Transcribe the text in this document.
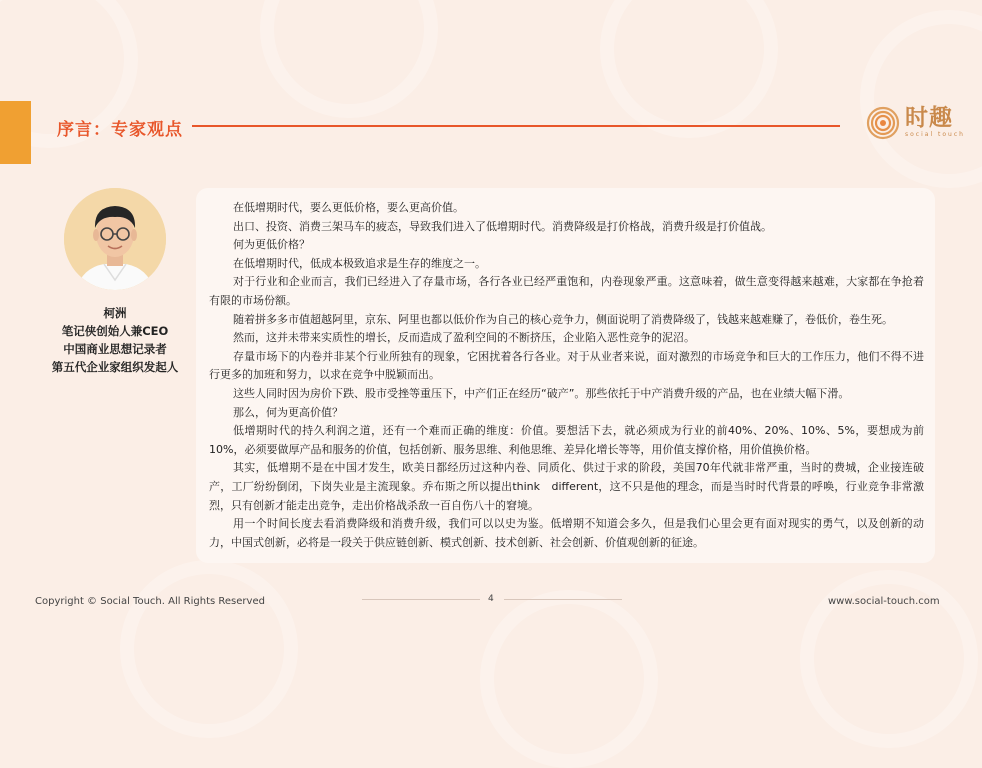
序言：专家观点	时趣
social touch
柯洲
笔记侠创始人兼CEO
中国商业思想记录者
第五代企业家组织发起人

在低增期时代，要么更低价格，要么更高价值。

出口、投资、消费三架马车的疲态，导致我们进入了低增期时代。消费降级是打价格战，消费升级是打价值战。

何为更低价格？

在低增期时代，低成本极致追求是生存的维度之一。

对于行业和企业而言，我们已经进入了存量市场，各行各业已经严重饱和，内卷现象严重。这意味着，做生意变得越来越难，大家都在争抢着有限的市场份额。

随着拼多多市值超越阿里，京东、阿里也都以低价作为自己的核心竞争力，侧面说明了消费降级了，钱越来越难赚了，卷低价，卷生死。

然而，这并未带来实质性的增长，反而造成了盈利空间的不断挤压，企业陷入恶性竞争的泥沼。

存量市场下的内卷并非某个行业所独有的现象，它困扰着各行各业。对于从业者来说，面对激烈的市场竞争和巨大的工作压力，他们不得不进行更多的加班和努力，以求在竞争中脱颖而出。

这些人同时因为房价下跌、股市受挫等重压下，中产们正在经历“破产”。那些依托于中产消费升级的产品，也在业绩大幅下滑。

那么，何为更高价值？

低增期时代的持久利润之道，还有一个难而正确的维度：价值。要想活下去，就必须成为行业的前40%、20%、10%、5%，要想成为前10%，必须要做厚产品和服务的价值，包括创新、服务思维、利他思维、差异化增长等等，用价值支撑价格，用价值换价格。

其实，低增期不是在中国才发生，欧美日都经历过这种内卷、同质化、供过于求的阶段，美国70年代就非常严重，当时的费城，企业接连破产，工厂纷纷倒闭，下岗失业是主流现象。乔布斯之所以提出think　different，这不只是他的理念，而是当时时代背景的呼唤，行业竞争非常激烈，只有创新才能走出竞争，走出价格战杀敌一百自伤八十的窘境。

用一个时间长度去看消费降级和消费升级，我们可以以史为鉴。低增期不知道会多久，但是我们心里会更有面对现实的勇气，以及创新的动力，中国式创新，必将是一段关于供应链创新、模式创新、技术创新、社会创新、价值观创新的征途。

Copyright © Social Touch. All Rights Reserved	4	www.social-touch.com
